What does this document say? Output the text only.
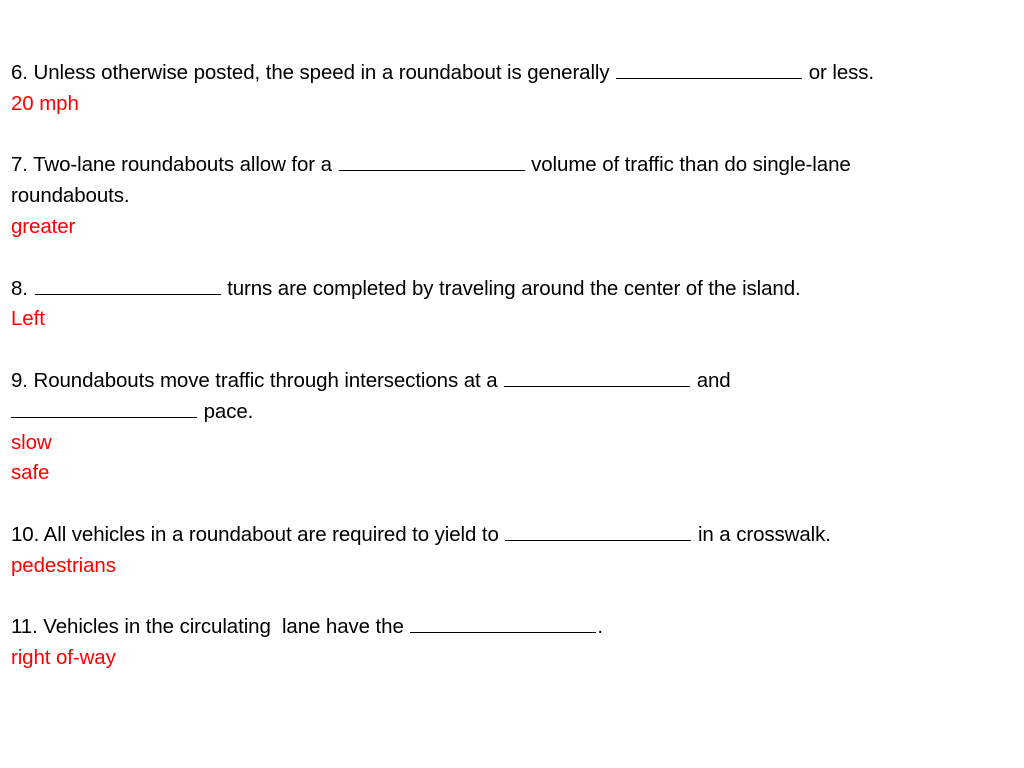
6. Unless otherwise posted, the speed in a roundabout is generally	or less.
20 mph
7. Two-lane roundabouts allow for a	volume of traffic than do single-lane
roundabouts.
greater
8.	turns are completed by traveling around the center of the island.
Left
9. Roundabouts move traffic through intersections at a	and
pace.
slow
safe
10. All vehicles in a roundabout are required to yield to	in a crosswalk.
pedestrians
11. Vehicles in the circulating  lane have the	.
right of-way
